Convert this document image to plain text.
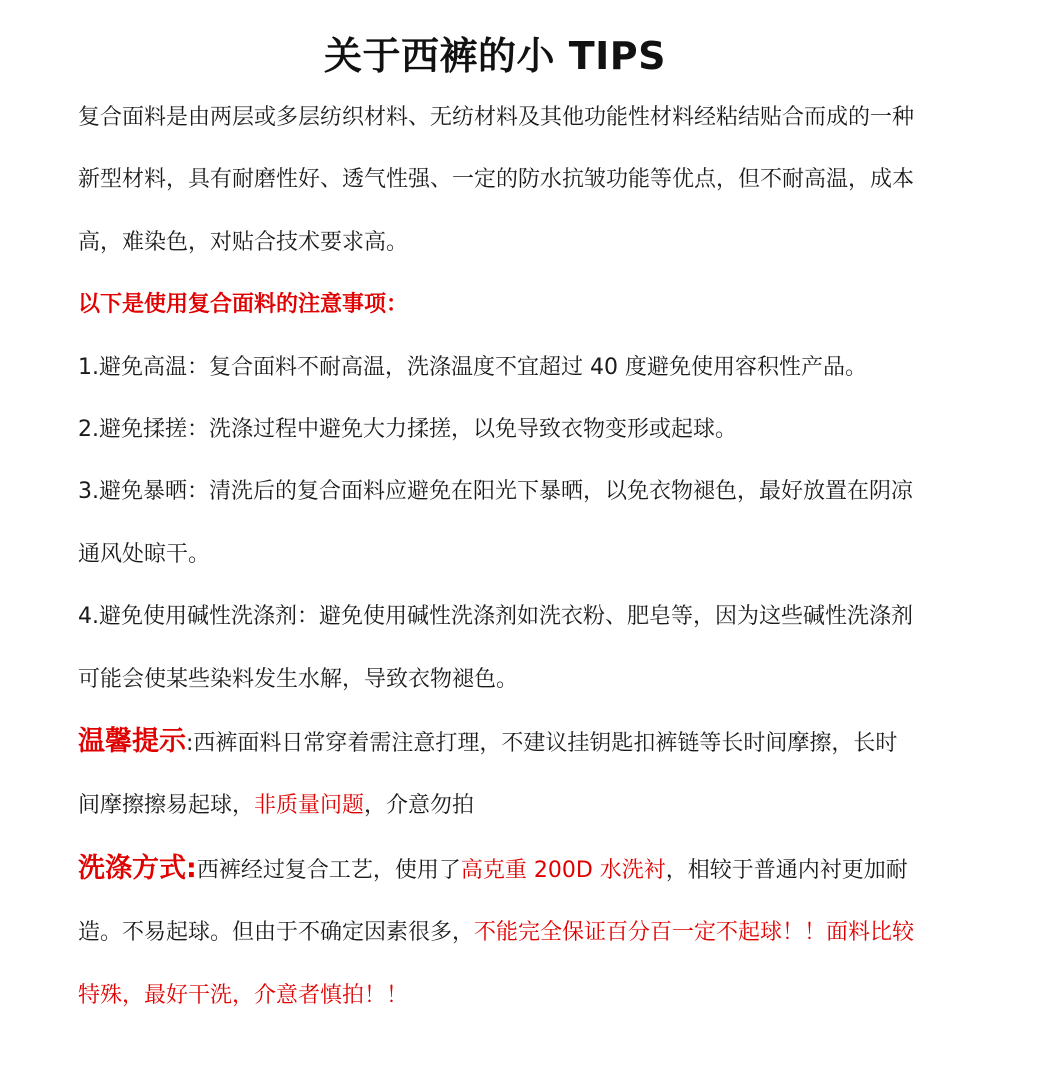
关于西裤的小 TIPS

复合面料是由两层或多层纺织材料、无纺材料及其他功能性材料经粘结贴合而成的一种新型材料，具有耐磨性好、透气性强、一定的防水抗皱功能等优点，但不耐高温，成本高，难染色，对贴合技术要求高。

以下是使用复合面料的注意事项：

1.避免高温：复合面料不耐高温，洗涤温度不宜超过 40 度避免使用容积性产品。

2.避免揉搓：洗涤过程中避免大力揉搓，以免导致衣物变形或起球。

3.避免暴晒：清洗后的复合面料应避免在阳光下暴晒，以免衣物褪色，最好放置在阴凉通风处晾干。

4.避免使用碱性洗涤剂：避免使用碱性洗涤剂如洗衣粉、肥皂等，因为这些碱性洗涤剂可能会使某些染料发生水解，导致衣物褪色。

温馨提示:西裤面料日常穿着需注意打理，不建议挂钥匙扣裤链等长时间摩擦，长时间摩擦擦易起球，非质量问题，介意勿拍

洗涤方式:西裤经过复合工艺，使用了高克重 200D 水洗衬，相较于普通内衬更加耐造。不易起球。但由于不确定因素很多，不能完全保证百分百一定不起球！！面料比较特殊，最好干洗，介意者慎拍！！
